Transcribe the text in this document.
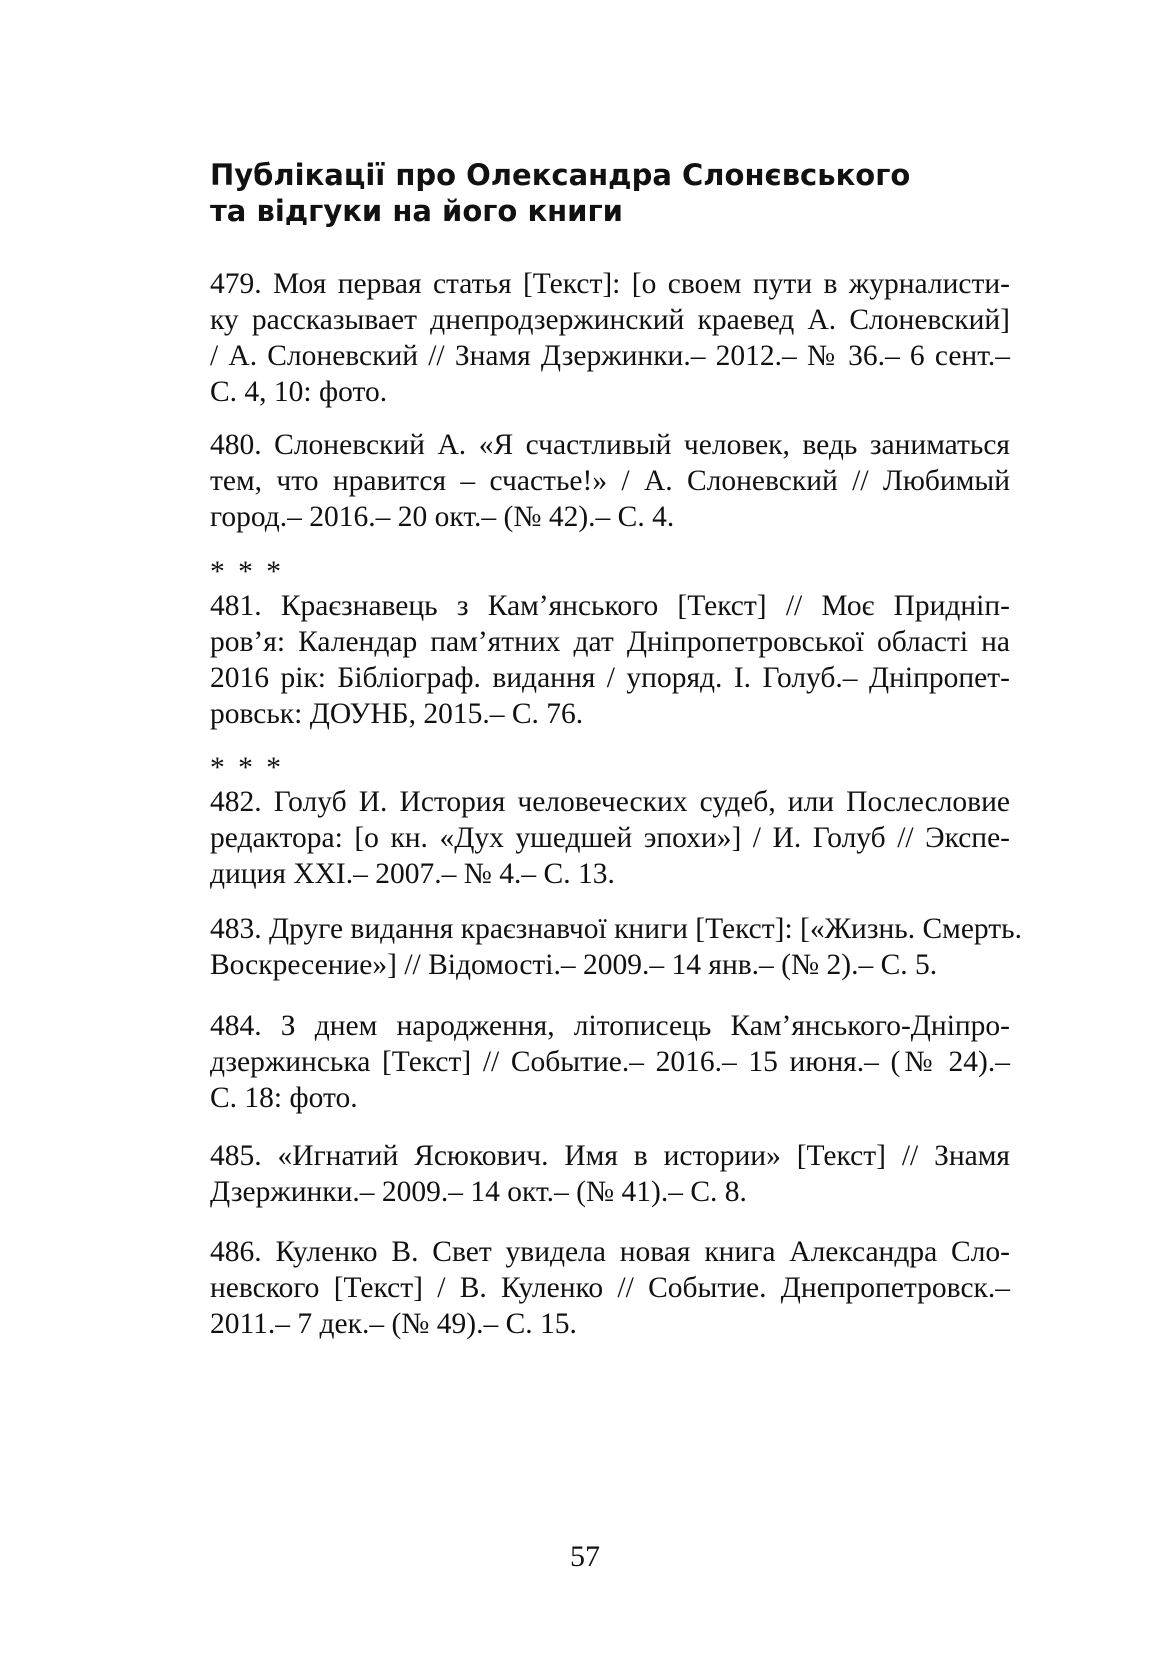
Публікації про Олександра Слонєвського
та відгуки на його книги
479. Моя первая статья [Текст]: [о своем пути в журналисти-
ку рассказывает днепродзержинский краевед А. Слоневский]
/ А. Слоневский // Знамя Дзержинки.– 2012.– № 36.– 6 сент.–
С. 4, 10: фото.
480. Слоневский А. «Я счастливый человек, ведь заниматься
тем, что нравится – счастье!» / А. Слоневский // Любимый
город.– 2016.– 20 окт.– (№ 42).– С. 4.
* * *
481. Краєзнавець з Кам’янського [Текст] // Моє Придніп-
ров’я: Календар пам’ятних дат Дніпропетровської області на
2016 рік: Бібліограф. видання / упоряд. І. Голуб.– Дніпропет-
ровськ: ДОУНБ, 2015.– С. 76.
* * *
482. Голуб И. История человеческих судеб, или Послесловие
редактора: [о кн. «Дух ушедшей эпохи»] / И. Голуб // Экспе-
диция XXI.– 2007.– № 4.– С. 13.
483. Друге видання краєзнавчої книги [Текст]: [«Жизнь. Смерть.
Воскресение»] // Відомості.– 2009.– 14 янв.– (№ 2).– С. 5.
484. З днем народження, літописець Кам’янського-Дніпро-
дзержинська [Текст] // Событие.– 2016.– 15 июня.– (№ 24).–
С. 18: фото.
485. «Игнатий Ясюкович. Имя в истории» [Текст] // Знамя
Дзержинки.– 2009.– 14 окт.– (№ 41).– С. 8.
486. Куленко В. Свет увидела новая книга Александра Сло-
невского [Текст] / В. Куленко // Событие. Днепропетровск.–
2011.– 7 дек.– (№ 49).– С. 15.
57
